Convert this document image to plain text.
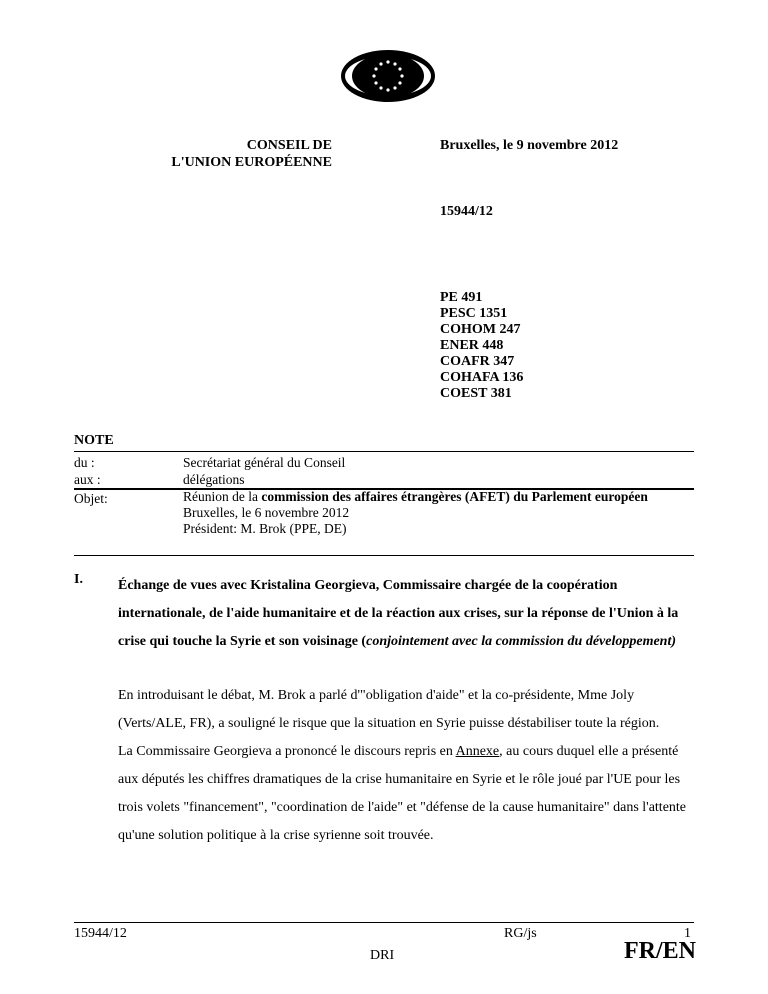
CONSEIL DE
L'UNION EUROPÉENNE
Bruxelles, le 9 novembre 2012
15944/12
PE 491
PESC 1351
COHOM 247
ENER 448
COAFR 347
COHAFA 136
COEST 381
NOTE
du :	Secrétariat général du Conseil
aux :	délégations
Objet:	Réunion de la commission des affaires étrangères (AFET) du Parlement européen
Bruxelles, le 6 novembre 2012
Président: M. Brok (PPE, DE)
I.	Échange de vues avec Kristalina Georgieva, Commissaire chargée de la coopération internationale, de l'aide humanitaire et de la réaction aux crises, sur la réponse de l'Union à la crise qui touche la Syrie et son voisinage (conjointement avec la commission du développement)
En introduisant le débat, M. Brok a parlé d'"obligation d'aide" et la co-présidente, Mme Joly (Verts/ALE, FR), a souligné le risque que la situation en Syrie puisse déstabiliser toute la région.
La Commissaire Georgieva a prononcé le discours repris en Annexe, au cours duquel elle a présenté aux députés les chiffres dramatiques de la crise humanitaire en Syrie et le rôle joué par l'UE pour les trois volets "financement", "coordination de l'aide" et "défense de la cause humanitaire" dans l'attente qu'une solution politique à la crise syrienne soit trouvée.
15944/12	RG/js	1
DRI	FR/EN
